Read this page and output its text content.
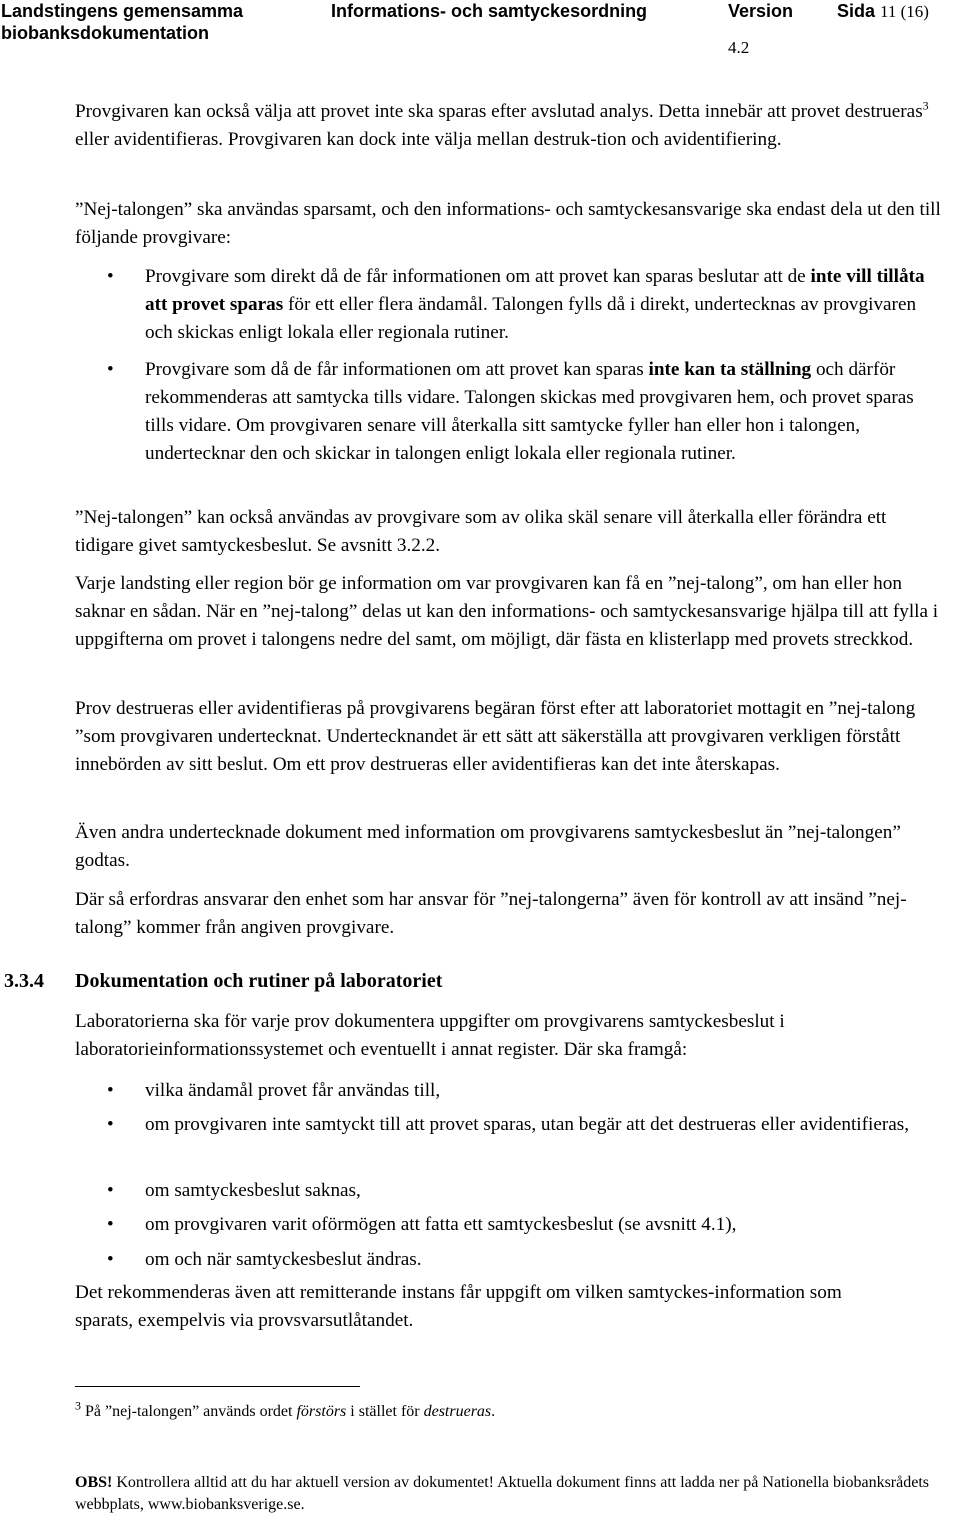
Landstingens gemensamma
biobanksdokumentation
Informations- och samtyckesordning	Version
4.2
Sida 11 (16)

Provgivaren kan också välja att provet inte ska sparas efter avslutad analys. Detta innebär att provet destrueras$^3$ eller avidentifieras. Provgivaren kan dock inte välja mellan destruk-tion och avidentifiering.

”Nej-talongen” ska användas sparsamt, och den informations- och samtyckesansvarige ska endast dela ut den till följande provgivare:

• Provgivare som direkt då de får informationen om att provet kan sparas beslutar att de inte vill tillåta att provet sparas för ett eller flera ändamål. Talongen fylls då i direkt, undertecknas av provgivaren och skickas enligt lokala eller regionala rutiner.

• Provgivare som då de får informationen om att provet kan sparas inte kan ta ställning och därför rekommenderas att samtycka tills vidare. Talongen skickas med provgivaren hem, och provet sparas tills vidare. Om provgivaren senare vill återkalla sitt samtycke fyller han eller hon i talongen, undertecknar den och skickar in talongen enligt lokala eller regionala rutiner.

”Nej-talongen” kan också användas av provgivare som av olika skäl senare vill återkalla eller förändra ett tidigare givet samtyckesbeslut. Se avsnitt 3.2.2.

Varje landsting eller region bör ge information om var provgivaren kan få en ”nej-talong”, om han eller hon saknar en sådan. När en ”nej-talong” delas ut kan den informations- och samtyckesansvarige hjälpa till att fylla i uppgifterna om provet i talongens nedre del samt, om möjligt, där fästa en klisterlapp med provets streckkod.

Prov destrueras eller avidentifieras på provgivarens begäran först efter att laboratoriet mottagit en ”nej-talong ”som provgivaren undertecknat. Undertecknandet är ett sätt att säkerställa att provgivaren verkligen förstått innebörden av sitt beslut. Om ett prov destrueras eller avidentifieras kan det inte återskapas.

Även andra undertecknade dokument med information om provgivarens samtyckesbeslut än ”nej-talongen” godtas.

Där så erfordras ansvarar den enhet som har ansvar för ”nej-talongerna” även för kontroll av att insänd ”nej-talong” kommer från angiven provgivare.

3.3.4 Dokumentation och rutiner på laboratoriet

Laboratorierna ska för varje prov dokumentera uppgifter om provgivarens samtyckesbeslut i laboratorieinformationssystemet och eventuellt i annat register. Där ska framgå:

• vilka ändamål provet får användas till,

• om provgivaren inte samtyckt till att provet sparas, utan begär att det destrueras eller avidentifieras,

• om samtyckesbeslut saknas,

• om provgivaren varit oförmögen att fatta ett samtyckesbeslut (se avsnitt 4.1),

• om och när samtyckesbeslut ändras.

Det rekommenderas även att remitterande instans får uppgift om vilken samtyckes-information som sparats, exempelvis via provsvarsutlåtandet.

$^3$ På ”nej-talongen” används ordet förstörs i stället för destrueras.
OBS! Kontrollera alltid att du har aktuell version av dokumentet! Aktuella dokument finns att ladda ner på Nationella biobanksrådets webbplats, www.biobanksverige.se.
